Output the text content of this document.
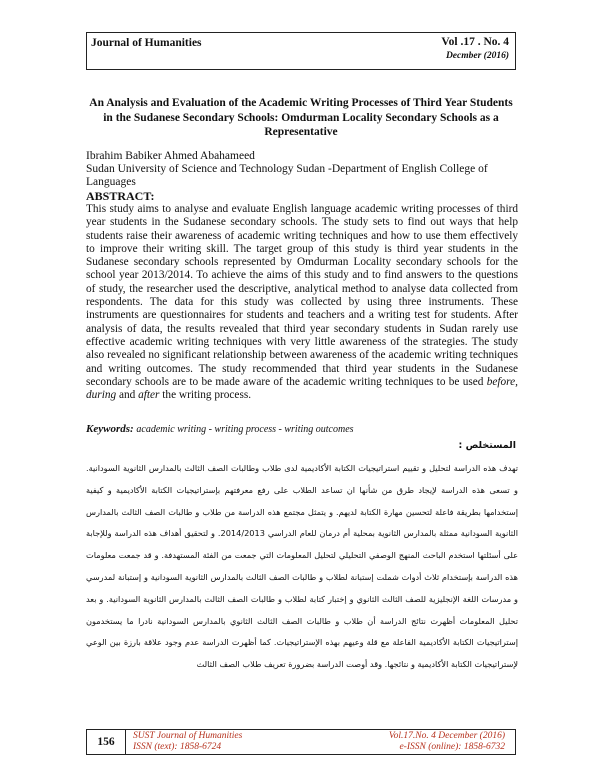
Journal of Humanities	Vol .17 . No. 4
Decmber (2016)
An Analysis and Evaluation of the Academic Writing Processes of Third Year Students in the Sudanese Secondary Schools: Omdurman Locality Secondary Schools as a Representative
Ibrahim Babiker Ahmed Abahameed
Sudan University of Science and Technology Sudan -Department of English College of Languages
ABSTRACT:
This study aims to analyse and evaluate English language academic writing processes of third year students in the Sudanese secondary schools. The study sets to find out ways that help students raise their awareness of academic writing techniques and how to use them effectively to improve their writing skill. The target group of this study is third year students in the Sudanese secondary schools represented by Omdurman Locality secondary schools for the school year 2013/2014. To achieve the aims of this study and to find answers to the questions of study, the researcher used the descriptive, analytical method to analyse data collected from respondents. The data for this study was collected by using three instruments. These instruments are questionnaires for students and teachers and a writing test for students. After analysis of data, the results revealed that third year secondary students in Sudan rarely use effective academic writing techniques with very little awareness of the strategies. The study also revealed no significant relationship between awareness of the academic writing techniques and writing outcomes. The study recommended that third year students in the Sudanese secondary schools are to be made aware of the academic writing techniques to be used before, during and after the writing process.
Keywords: academic writing - writing process - writing outcomes
المستخلص :
تهدف هذه الدراسة لتحليل و تقييم استراتيجيات الكتابة الأكاديمية لدى طلاب وطالبات الصف الثالث بالمدارس الثانوية السودانية. و تسعى هذه الدراسة لإيجاد طرق من شأنها ان تساعد الطلاب على رفع معرفتهم بإستراتيجيات الكتابة الأكاديمية و كيفية إستخدامها بطريقة فاعلة لتحسين مهارة الكتابة لديهم. و يتمثل مجتمع هذه الدراسة من طلاب و طالبات الصف الثالث بالمدارس الثانوية السودانية ممثلة بالمدارس الثانوية بمحلية أم درمان للعام الدراسي 2014/2013. و لتحقيق أهداف هذه الدراسة وللإجابة على أسئلتها استخدم الباحث المنهج الوصفي التحليلي لتحليل المعلومات التي جمعت من الفئة المستهدفة. و قد جمعت معلومات هذه الدراسة بإستخدام ثلاث أدوات شملت إستبانة لطلاب و طالبات الصف الثالث بالمدارس الثانوية السودانية و إستبانة لمدرسي و مدرسات اللغة الإنجليزية للصف الثالث الثانوي و إختبار كتابة لطلاب و طالبات الصف الثالث بالمدارس الثانوية السودانية. و بعد تحليل المعلومات أظهرت نتائج الدراسة أن طلاب و طالبات الصف الثالث الثانوي بالمدارس السودانية نادرا ما يستخدمون إستراتيجيات الكتابة الأكاديمية الفاعلة مع قلة وعيهم بهذه الإستراتيجيات. كما أظهرت الدراسة عدم وجود علاقة بارزة بين الوعي لإستراتيجيات الكتابة الأكاديمية و نتائجها. وقد أوصت الدراسة بضرورة تعريف طلاب الصف الثالث
156	SUST Journal of Humanities
ISSN (text): 1858-6724
Vol.17.No. 4 December (2016)
e-ISSN (online): 1858-6732
